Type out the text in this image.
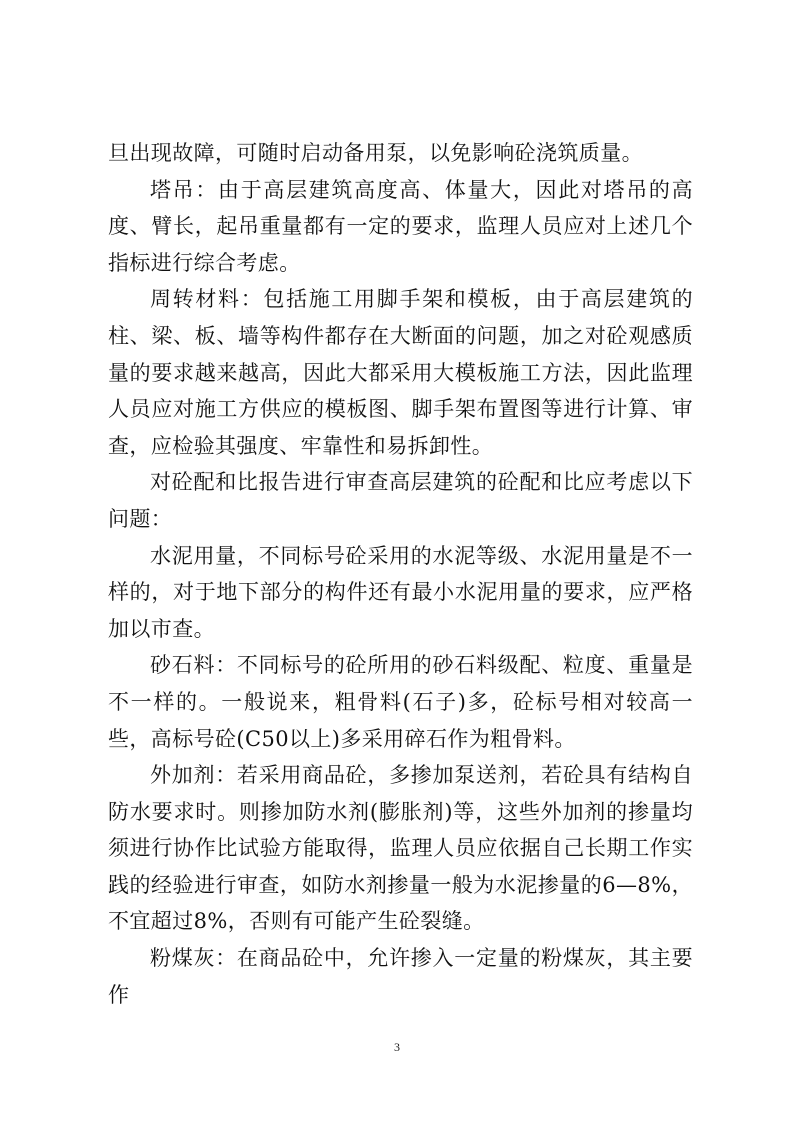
旦出现故障，可随时启动备用泵，以免影响砼浇筑质量。

塔吊：由于高层建筑高度高、体量大，因此对塔吊的高度、臂长，起吊重量都有一定的要求，监理人员应对上述几个指标进行综合考虑。

周转材料：包括施工用脚手架和模板，由于高层建筑的柱、梁、板、墙等构件都存在大断面的问题，加之对砼观感质量的要求越来越高，因此大都采用大模板施工方法，因此监理人员应对施工方供应的模板图、脚手架布置图等进行计算、审查，应检验其强度、牢靠性和易拆卸性。

对砼配和比报告进行审查高层建筑的砼配和比应考虑以下问题：

水泥用量，不同标号砼采用的水泥等级、水泥用量是不一样的，对于地下部分的构件还有最小水泥用量的要求，应严格加以市查。

砂石料：不同标号的砼所用的砂石料级配、粒度、重量是不一样的。一般说来，粗骨料(石子)多，砼标号相对较高一些，高标号砼(C50以上)多采用碎石作为粗骨料。

外加剂：若采用商品砼，多掺加泵送剂，若砼具有结构自防水要求时。则掺加防水剂(膨胀剂)等，这些外加剂的掺量均须进行协作比试验方能取得，监理人员应依据自己长期工作实践的经验进行审查，如防水剂掺量一般为水泥掺量的6—8%，不宜超过8%，否则有可能产生砼裂缝。

粉煤灰：在商品砼中，允许掺入一定量的粉煤灰，其主要作

3
